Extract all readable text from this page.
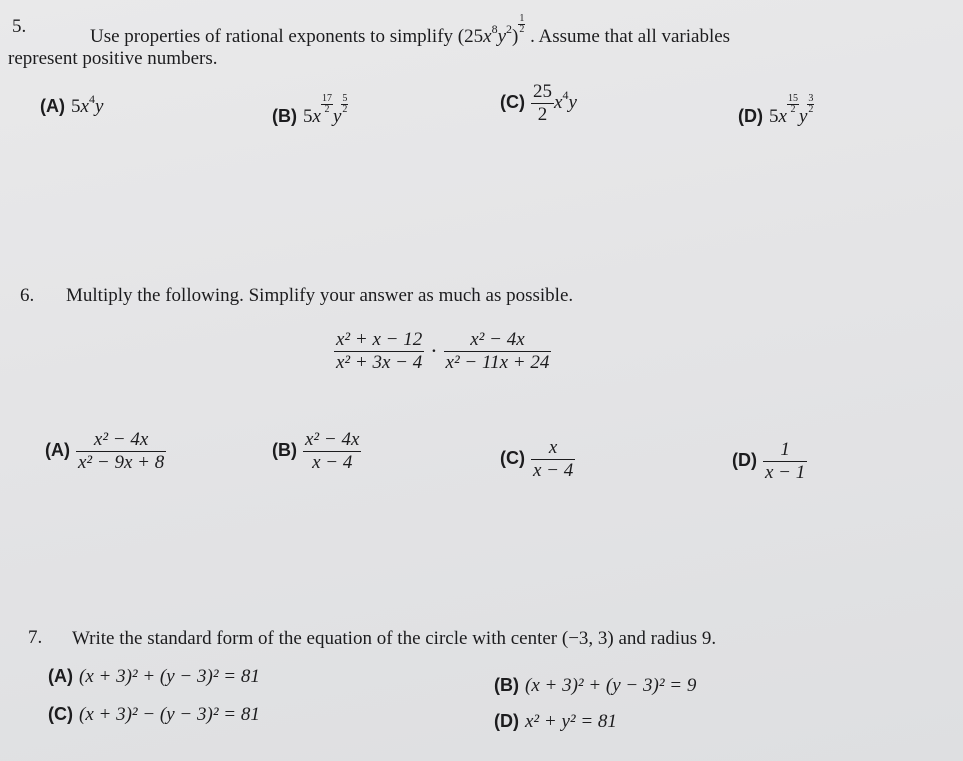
5.	Use properties of rational exponents to simplify $(25x^8y^2)$
$\frac{1}{2}$
. Assume that all variables
represent positive numbers.
(A) $5x^4y$	(B) 5x
$\frac{17}{2}$
y
$\frac{5}{2}$	$(C) \frac{25}{2} x^4y$
(D) 5x
$\frac{15}{2}$
y
$\frac{3}{2}$
6. Multiply the following. Simplify your answer as much as possible.
$\frac{\text{x² + x − 12}}{\text{x² + 3x − 4}} \cdot \frac{\text{x² − 4x}}{\text{x² − 11x + 24}}$
$(A) \frac{\text{x² − 4x}}{\text{x² − 9x + 8}}$	$(B) \frac{\text{x² − 4x}}{x - 4}$	$(C) \frac{x}{x - 4}$	$(D) \frac{1}{x - 1}$
7. Write the standard form of the equation of the circle with center (−3, 3) and radius 9.
(A) (x + 3)² + (y − 3)² = 81	(B) (x + 3)² + (y − 3)² = 9
(C) (x + 3)² − (y − 3)² = 81	(D) x² + y² = 81
